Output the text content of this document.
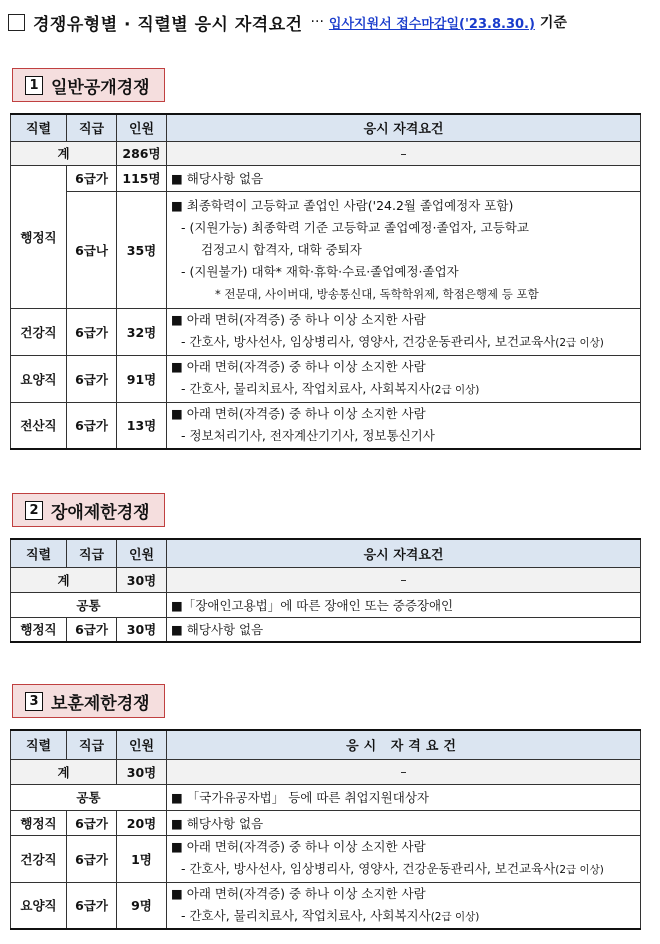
경쟁유형별 · 직렬별 응시 자격요건 ··· 입사지원서 접수마감일('23.8.30.) 기준
1 일반공개경쟁
직렬	직급	인원	응시 자격요건
계		286명	–
행정직	6급가	115명	■ 해당사항 없음
	6급나	35명	■ 최종학력이 고등학교 졸업인 사람('24.2월 졸업예정자 포함)
- (지원가능) 최종학력 기준 고등학교 졸업예정·졸업자, 고등학교
검정고시 합격자, 대학 중퇴자
- (지원불가) 대학* 재학·휴학·수료·졸업예정·졸업자
* 전문대, 사이버대, 방송통신대, 독학학위제, 학점은행제 등 포함

건강직	6급가	32명	■ 아래 면허(자격증) 중 하나 이상 소지한 사람
- 간호사, 방사선사, 임상병리사, 영양사, 건강운동관리사, 보건교육사(2급 이상)

요양직	6급가	91명	■ 아래 면허(자격증) 중 하나 이상 소지한 사람
- 간호사, 물리치료사, 작업치료사, 사회복지사(2급 이상)

전산직	6급가	13명	■ 아래 면허(자격증) 중 하나 이상 소지한 사람
- 정보처리기사, 전자계산기기사, 정보통신기사
2 장애제한경쟁
직렬	직급	인원	응시 자격요건
계		30명	–
공통			■「장애인고용법」에 따른 장애인 또는 중증장애인
행정직	6급가	30명	■ 해당사항 없음
3 보훈제한경쟁
직렬	직급	인원	응시 자격요건
계		30명	–
공통			■ 「국가유공자법」 등에 따른 취업지원대상자
행정직	6급가	20명	■ 해당사항 없음
건강직	6급가	1명	■ 아래 면허(자격증) 중 하나 이상 소지한 사람
- 간호사, 방사선사, 임상병리사, 영양사, 건강운동관리사, 보건교육사(2급 이상)

요양직	6급가	9명	■ 아래 면허(자격증) 중 하나 이상 소지한 사람
- 간호사, 물리치료사, 작업치료사, 사회복지사(2급 이상)
